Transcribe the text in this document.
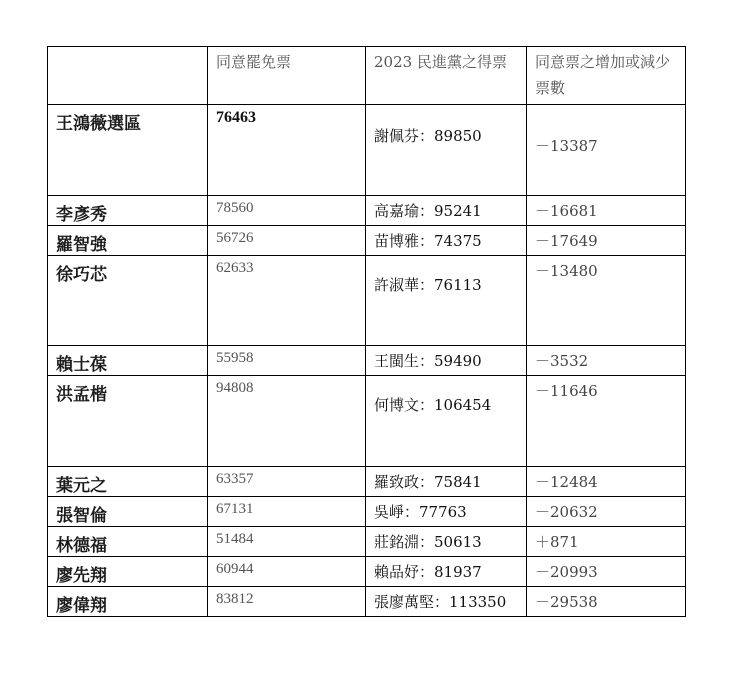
	同意罷免票	2023 民進黨之得票	同意票之增加或減少票數
王鴻薇選區	76463	謝佩芬：89850	－13387
李彥秀	78560	高嘉瑜：95241	－16681
羅智強	56726	苗博雅：74375	－17649
徐巧芯	62633	許淑華：76113	－13480
賴士葆	55958	王閩生：59490	－3532
洪孟楷	94808	何博文：106454	－11646
葉元之	63357	羅致政：75841	－12484
張智倫	67131	吳崢：77763	－20632
林德福	51484	莊銘淵：50613	＋871
廖先翔	60944	賴品妤：81937	－20993
廖偉翔	83812	張廖萬堅：113350	－29538
